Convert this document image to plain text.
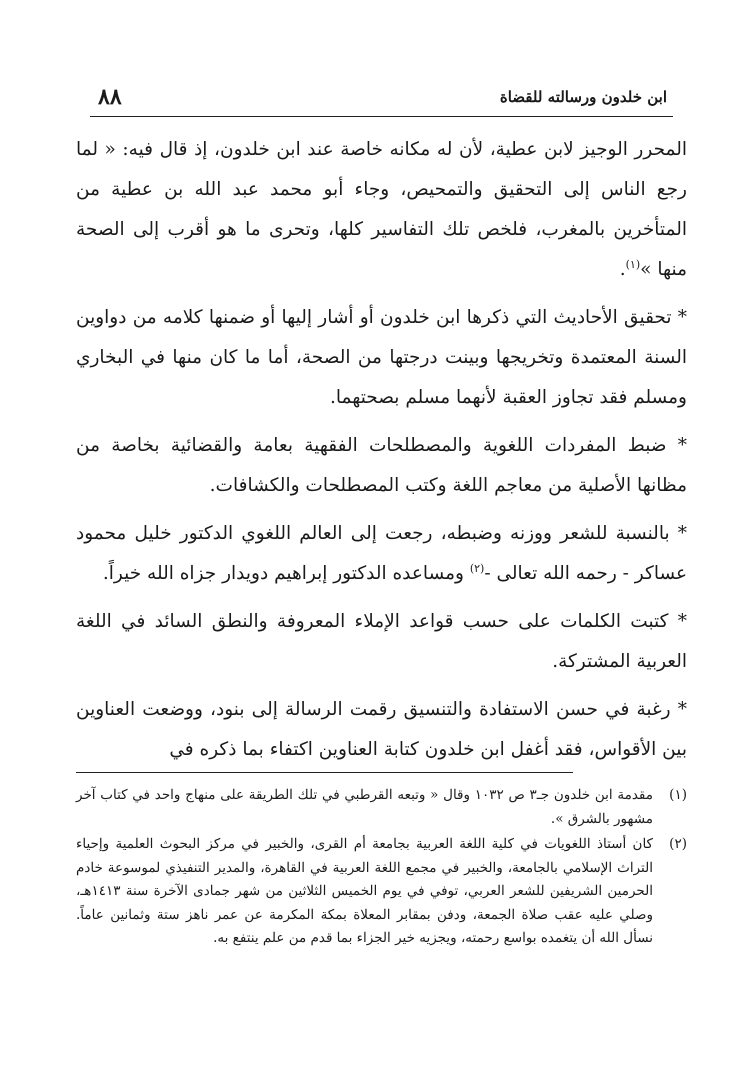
٨٨	ابن خلدون ورسالته للقضاة

المحرر الوجيز لابن عطية، لأن له مكانه خاصة عند ابن خلدون، إذ قال فيه: « لما رجع الناس إلى التحقيق والتمحيص، وجاء أبو محمد عبد الله بن عطية من المتأخرين بالمغرب، فلخص تلك التفاسير كلها، وتحرى ما هو أقرب إلى الصحة منها »$^{(١)}$.

* تحقيق الأحاديث التي ذكرها ابن خلدون أو أشار إليها أو ضمنها كلامه من دواوين السنة المعتمدة وتخريجها وبينت درجتها من الصحة، أما ما كان منها في البخاري ومسلم فقد تجاوز العقبة لأنهما مسلم بصحتهما.

* ضبط المفردات اللغوية والمصطلحات الفقهية بعامة والقضائية بخاصة من مظانها الأصلية من معاجم اللغة وكتب المصطلحات والكشافات.

* بالنسبة للشعر ووزنه وضبطه، رجعت إلى العالم اللغوي الدكتور خليل محمود عساكر - رحمه الله تعالى -$^{(٢)}$ ومساعده الدكتور إبراهيم دويدار جزاه الله خيراً.

* كتبت الكلمات على حسب قواعد الإملاء المعروفة والنطق السائد في اللغة العربية المشتركة.

* رغبة في حسن الاستفادة والتنسيق رقمت الرسالة إلى بنود، ووضعت العناوين بين الأقواس، فقد أغفل ابن خلدون كتابة العناوين اكتفاء بما ذكره في

(١)
مقدمة ابن خلدون جـ٣ ص ١٠٣٢ وقال « وتبعه القرطبي في تلك الطريقة على منهاج واحد في كتاب آخر مشهور بالشرق ».
(٢)
كان أستاذ اللغويات في كلية اللغة العربية بجامعة أم القرى، والخبير في مركز البحوث العلمية وإحياء التراث الإسلامي بالجامعة، والخبير في مجمع اللغة العربية في القاهرة، والمدير التنفيذي لموسوعة خادم الحرمين الشريفين للشعر العربي، توفي في يوم الخميس الثلاثين من شهر جمادى الآخرة سنة ١٤١٣هـ، وصلي عليه عقب صلاة الجمعة، ودفن بمقابر المعلاة بمكة المكرمة عن عمر ناهز ستة وثمانين عاماً. نسأل الله أن يتغمده بواسع رحمته، ويجزيه خير الجزاء بما قدم من علم ينتفع به.
